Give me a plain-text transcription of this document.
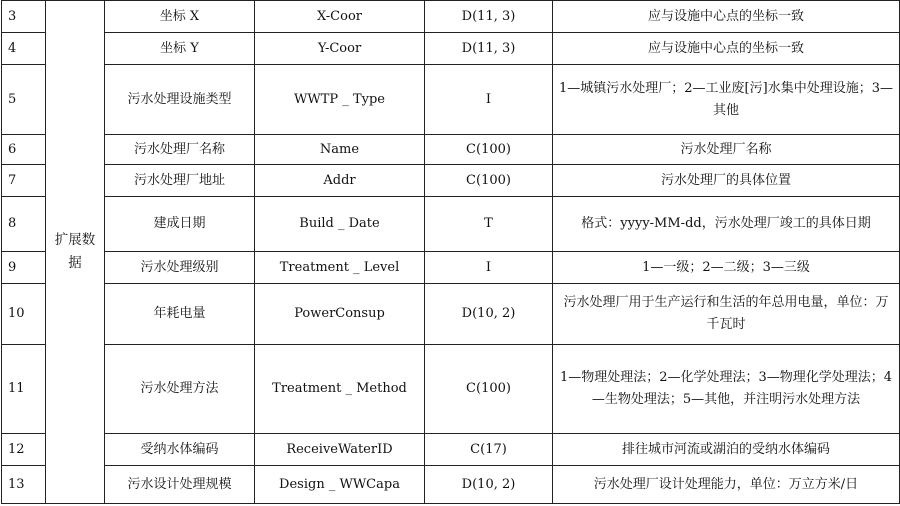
3	扩展数据	坐标 X	X-Coor	D(11, 3)	应与设施中心点的坐标一致
4		坐标 Y	Y-Coor	D(11, 3)	应与设施中心点的坐标一致
5		污水处理设施类型	WWTP _ Type	I	1—城镇污水处理厂；2—工业废[污]水集中处理设施；3—其他
6		污水处理厂名称	Name	C(100)	污水处理厂名称
7		污水处理厂地址	Addr	C(100)	污水处理厂的具体位置
8		建成日期	Build _ Date	T	格式：yyyy-MM-dd，污水处理厂竣工的具体日期
9		污水处理级别	Treatment _ Level	I	1—一级；2—二级；3—三级
10		年耗电量	PowerConsup	D(10, 2)	污水处理厂用于生产运行和生活的年总用电量，单位：万千瓦时
11		污水处理方法	Treatment _ Method	C(100)	1—物理处理法；2—化学处理法；3—物理化学处理法；4—生物处理法；5—其他，并注明污水处理方法
12		受纳水体编码	ReceiveWaterID	C(17)	排往城市河流或湖泊的受纳水体编码
13		污水设计处理规模	Design _ WWCapa	D(10, 2)	污水处理厂设计处理能力，单位：万立方米/日
